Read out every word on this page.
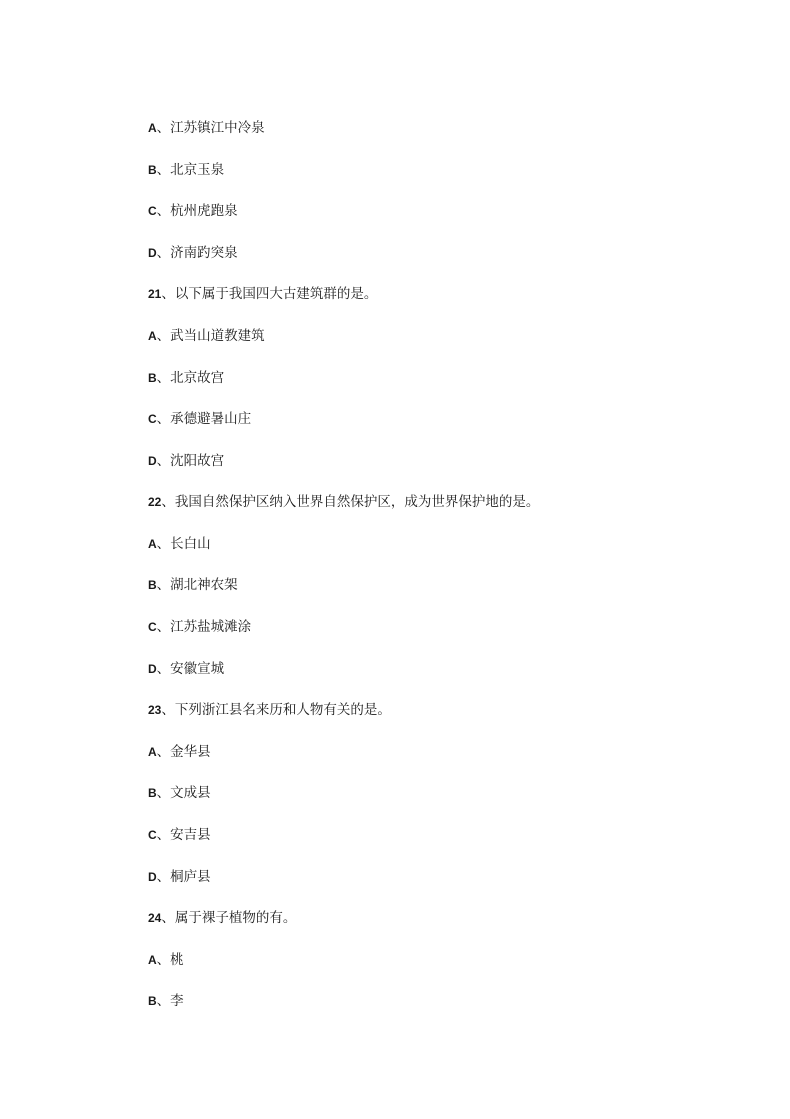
A、江苏镇江中冷泉
B、北京玉泉
C、杭州虎跑泉
D、济南趵突泉
21、以下属于我国四大古建筑群的是。
A、武当山道教建筑
B、北京故宫
C、承德避暑山庄
D、沈阳故宫
22、我国自然保护区纳入世界自然保护区，成为世界保护地的是。
A、长白山
B、湖北神农架
C、江苏盐城滩涂
D、安徽宣城
23、下列浙江县名来历和人物有关的是。
A、金华县
B、文成县
C、安吉县
D、桐庐县
24、属于裸子植物的有。
A、桃
B、李
